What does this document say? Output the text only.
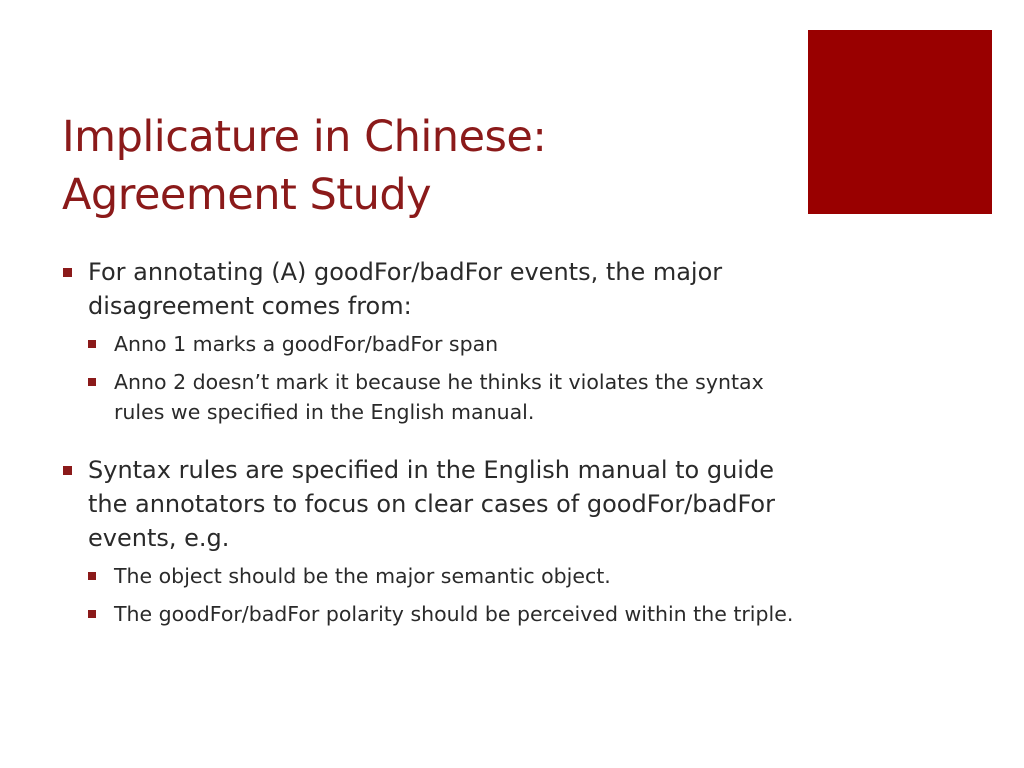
Implicature in Chinese:
Agreement Study
For annotating (A) goodFor/badFor events, the major disagreement comes from:
Anno 1 marks a goodFor/badFor span
Anno 2 doesn’t mark it because he thinks it violates the syntax rules we specified in the English manual.
Syntax rules are specified in the English manual to guide the annotators to focus on clear cases of goodFor/badFor events, e.g.
The object should be the major semantic object.
The goodFor/badFor polarity should be perceived within the triple.
